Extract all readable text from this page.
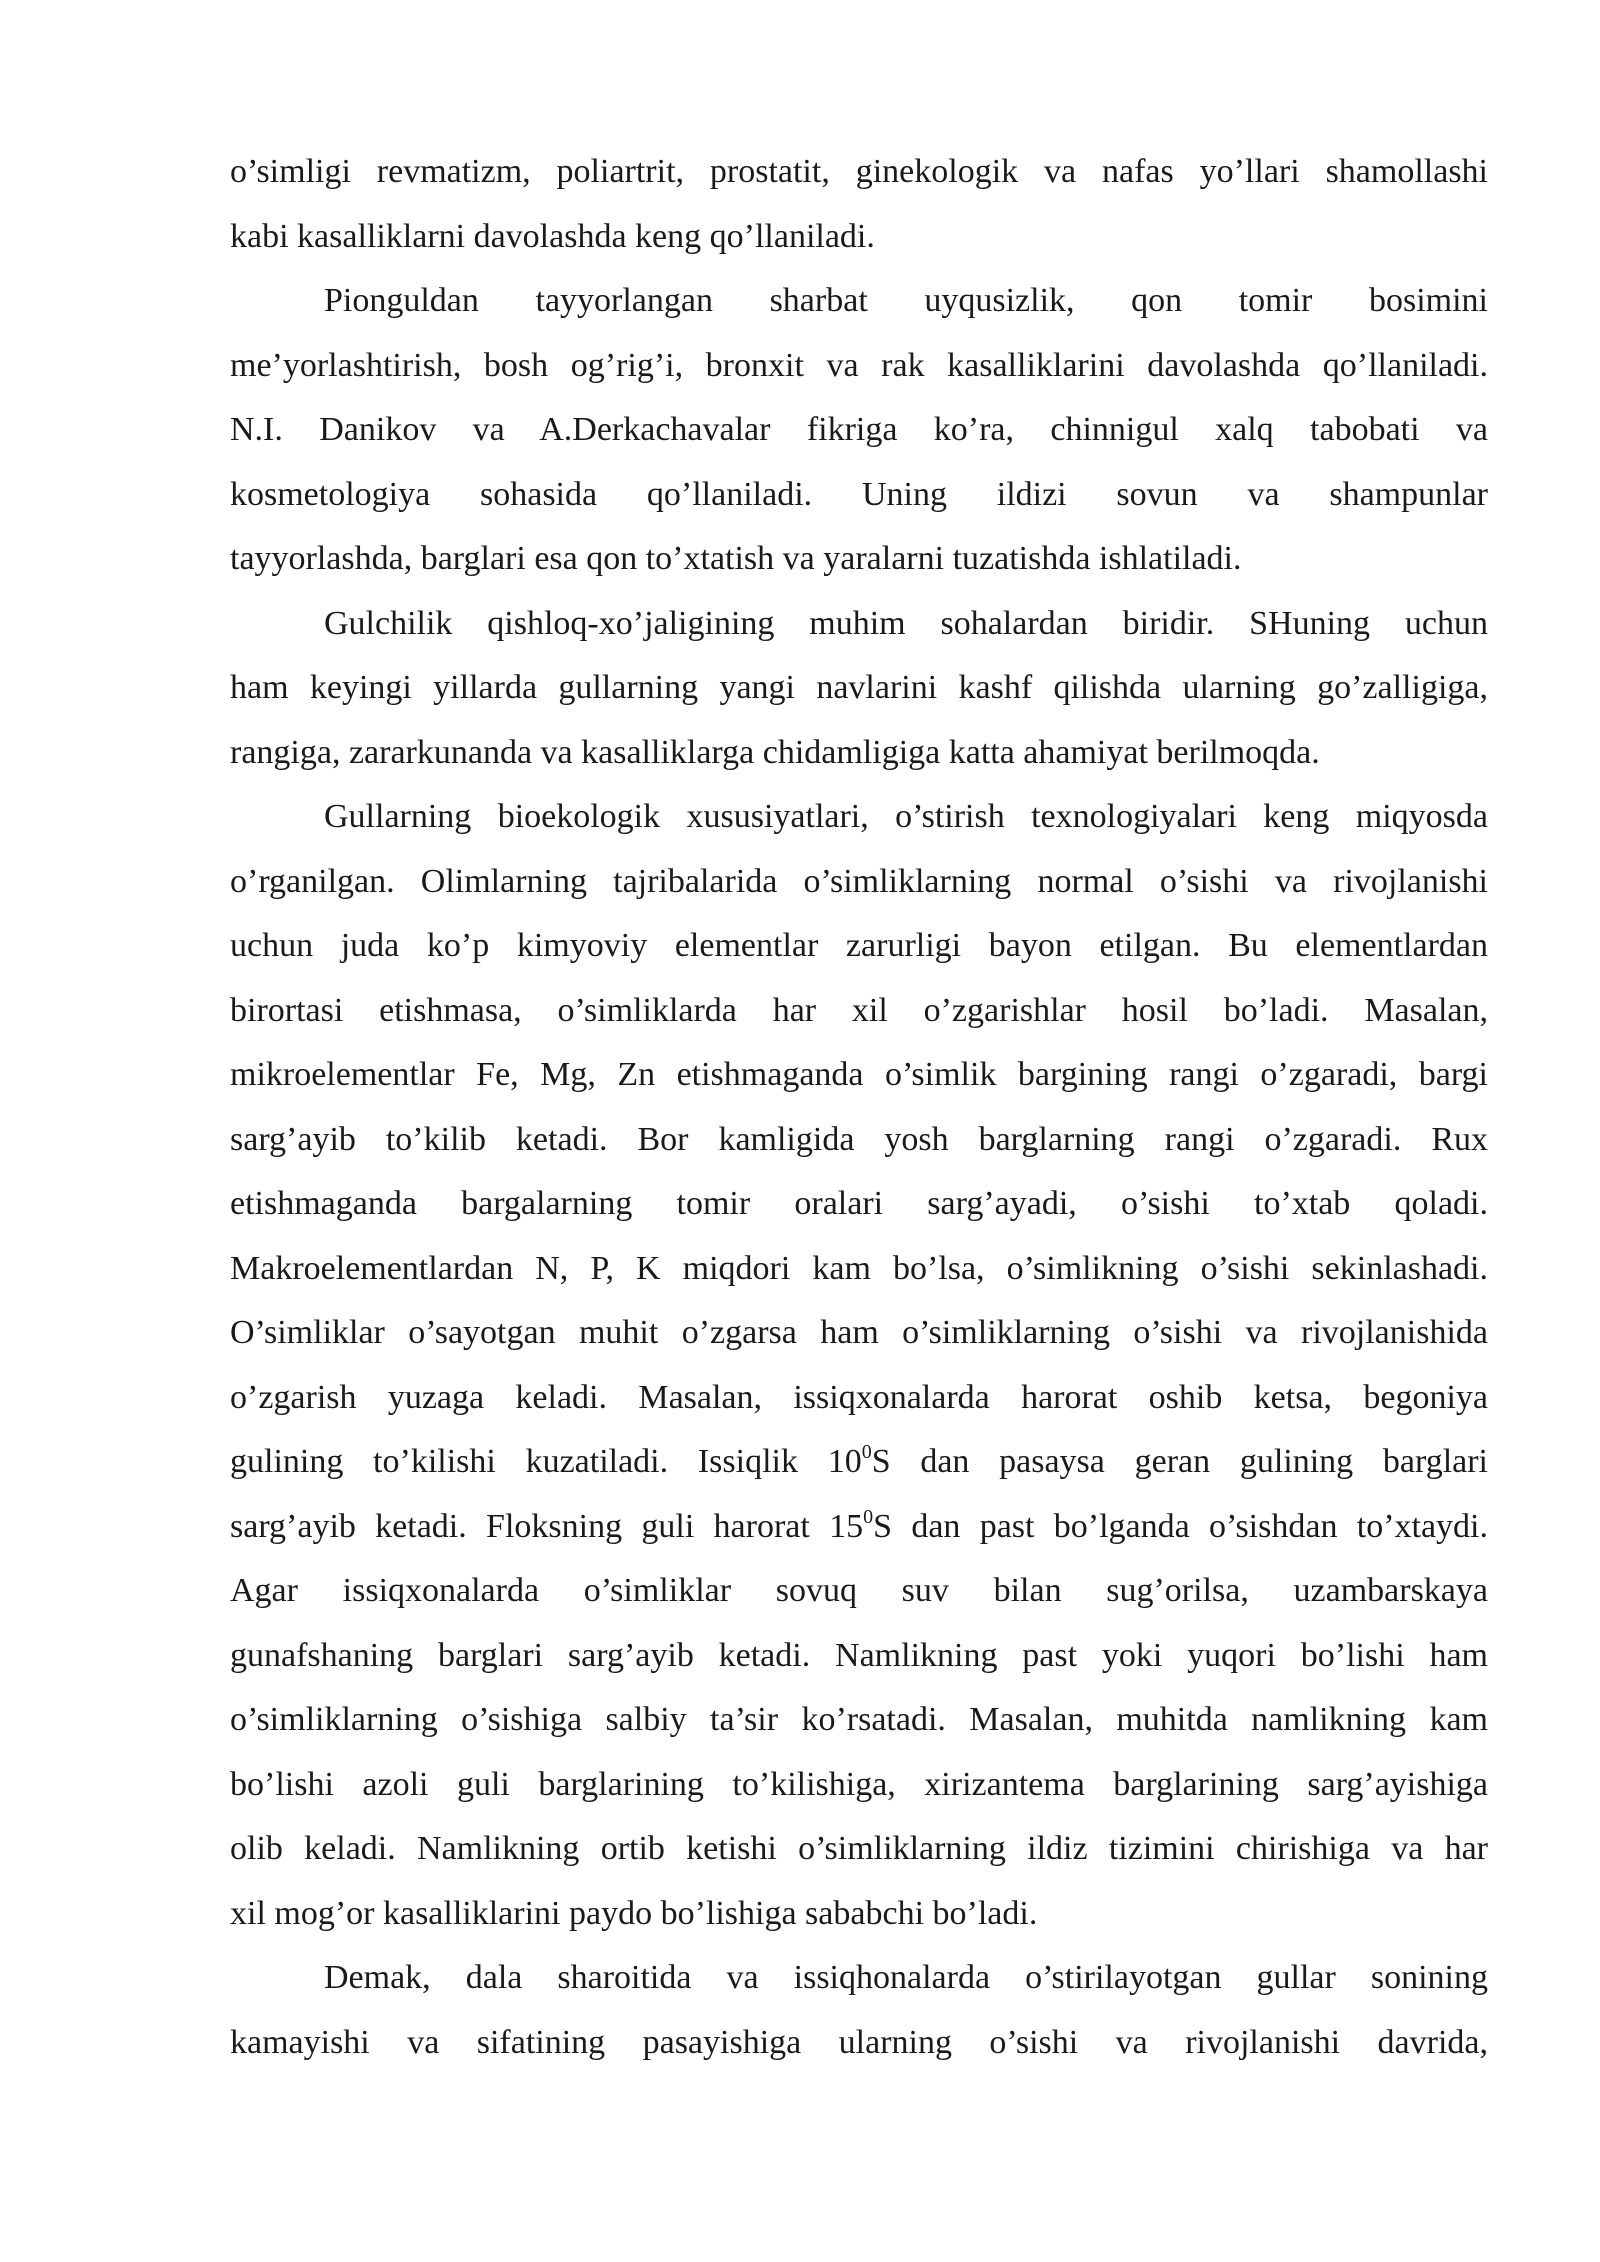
o’simligi revmatizm, poliartrit, prostatit, ginekologik va nafas yo’llari shamollashi
kabi kasalliklarni davolashda keng qo’llaniladi.

Pionguldan tayyorlangan sharbat uyqusizlik, qon tomir bosimini
me’yorlashtirish, bosh og’rig’i, bronxit va rak kasalliklarini davolashda qo’llaniladi.
N.I. Danikov va A.Derkachavalar fikriga ko’ra, chinnigul xalq tabobati va
kosmetologiya sohasida qo’llaniladi. Uning ildizi sovun va shampunlar
tayyorlashda, barglari esa qon to’xtatish va yaralarni tuzatishda ishlatiladi.

Gulchilik qishloq-xo’jaligining muhim sohalardan biridir. SHuning uchun
ham keyingi yillarda gullarning yangi navlarini kashf qilishda ularning go’zalligiga,
rangiga, zararkunanda va kasalliklarga chidamligiga katta ahamiyat berilmoqda.

Gullarning bioekologik xususiyatlari, o’stirish texnologiyalari keng miqyosda
o’rganilgan. Olimlarning tajribalarida o’simliklarning normal o’sishi va rivojlanishi
uchun juda ko’p kimyoviy elementlar zarurligi bayon etilgan. Bu elementlardan
birortasi etishmasa, o’simliklarda har xil o’zgarishlar hosil bo’ladi. Masalan,
mikroelementlar Fe, Mg, Zn etishmaganda o’simlik bargining rangi o’zgaradi, bargi
sarg’ayib to’kilib ketadi. Bor kamligida yosh barglarning rangi o’zgaradi. Rux
etishmaganda bargalarning tomir oralari sarg’ayadi, o’sishi to’xtab qoladi.
Makroelementlardan N, P, K miqdori kam bo’lsa, o’simlikning o’sishi sekinlashadi.
O’simliklar o’sayotgan muhit o’zgarsa ham o’simliklarning o’sishi va rivojlanishida
o’zgarish yuzaga keladi. Masalan, issiqxonalarda harorat oshib ketsa, begoniya
gulining to’kilishi kuzatiladi. Issiqlik $10^0S$ dan pasaysa geran gulining barglari
sarg’ayib ketadi. Floksning guli harorat $15^0S$ dan past bo’lganda o’sishdan to’xtaydi.
Agar issiqxonalarda o’simliklar sovuq suv bilan sug’orilsa, uzambarskaya
gunafshaning barglari sarg’ayib ketadi. Namlikning past yoki yuqori bo’lishi ham
o’simliklarning o’sishiga salbiy ta’sir ko’rsatadi. Masalan, muhitda namlikning kam
bo’lishi azoli guli barglarining to’kilishiga, xirizantema barglarining sarg’ayishiga
olib keladi. Namlikning ortib ketishi o’simliklarning ildiz tizimini chirishiga va har
xil mog’or kasalliklarini paydo bo’lishiga sababchi bo’ladi.

Demak, dala sharoitida va issiqhonalarda o’stirilayotgan gullar sonining
kamayishi va sifatining pasayishiga ularning o’sishi va rivojlanishi davrida,
